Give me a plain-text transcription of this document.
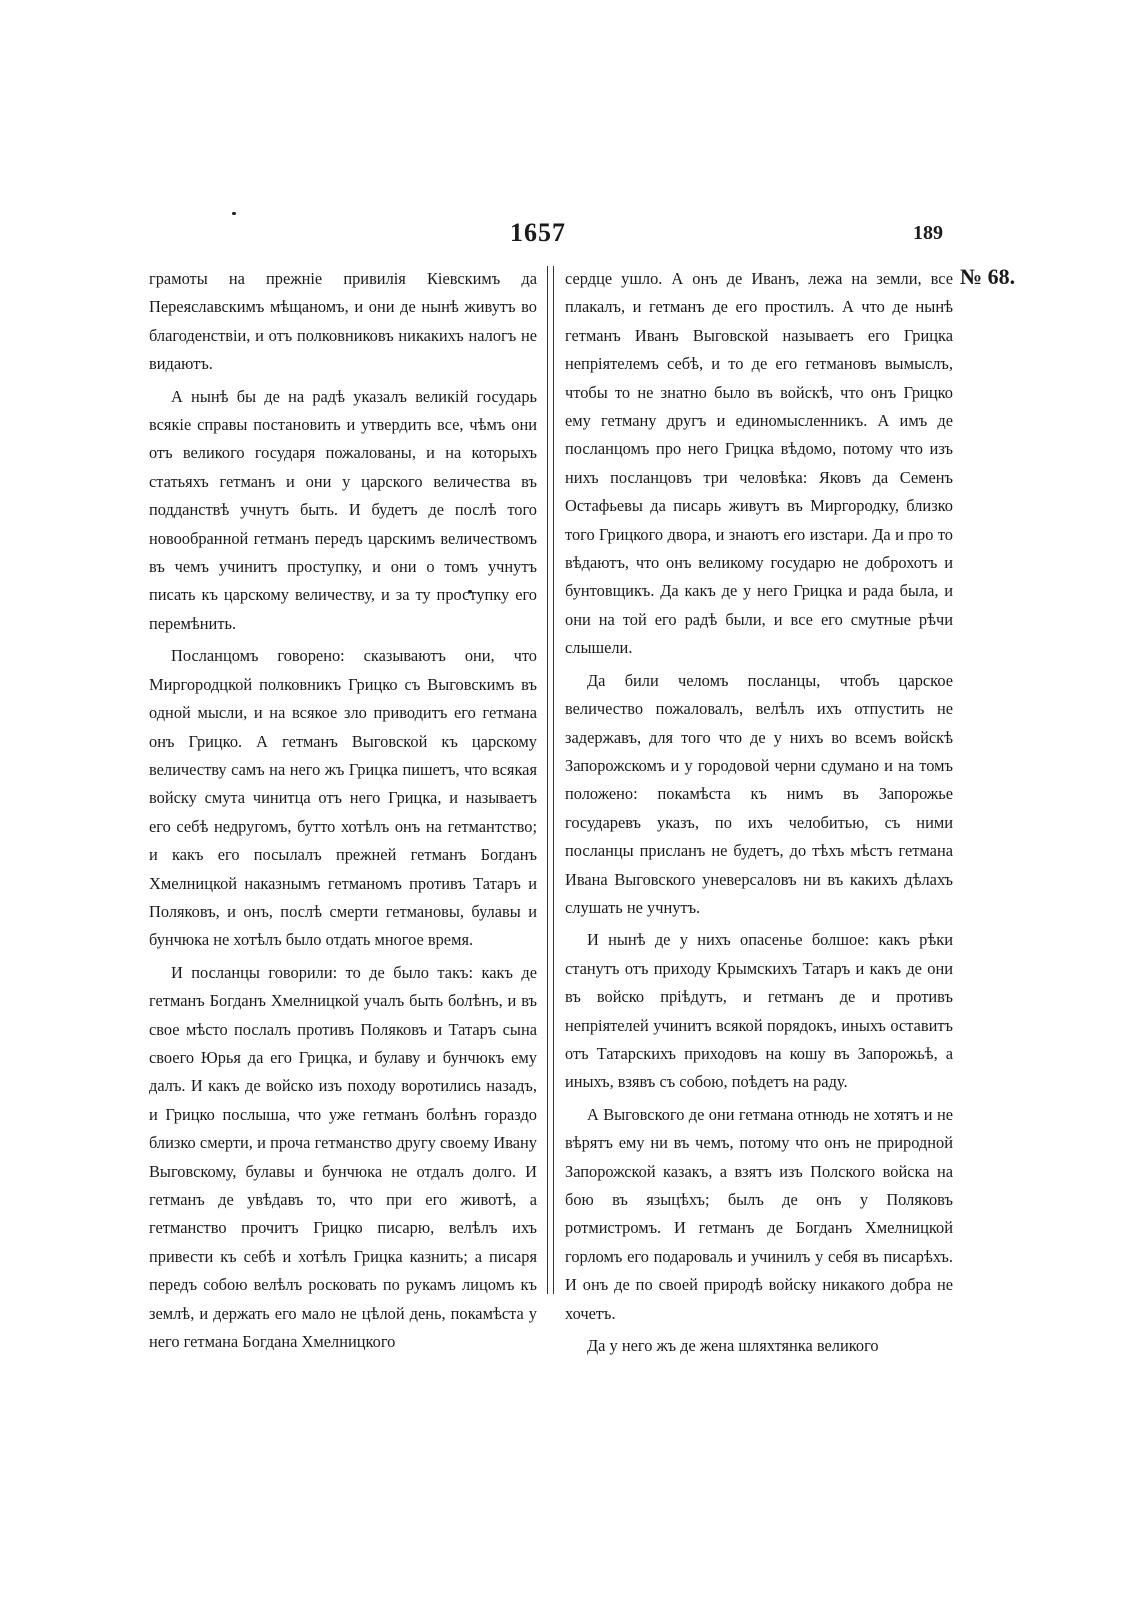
1657	189
№ 68.

грамоты на прежніе привилія Кіевскимъ да Переяславскимъ мѣщаномъ, и они де нынѣ живутъ во благоденствіи, и отъ полковниковъ никакихъ налогъ не видаютъ.

А нынѣ бы де на радѣ указалъ великій государь всякіе справы постановить и утвердить все, чѣмъ они отъ великого государя пожалованы, и на которыхъ статьяхъ гетманъ и они у царского величества въ подданствѣ учнутъ быть. И будетъ де послѣ того новообранной гетманъ передъ царскимъ величествомъ въ чемъ учинитъ проступку, и они о томъ учнутъ писать къ царскому величеству, и за ту проступку его перемѣнить.

Посланцомъ говорено: сказываютъ они, что Миргородцкой полковникъ Грицко съ Выговскимъ въ одной мысли, и на всякое зло приводитъ его гетмана онъ Грицко. А гетманъ Выговской къ царскому величеству самъ на него жъ Грицка пишетъ, что всякая войску смута чинитца отъ него Грицка, и называетъ его себѣ недругомъ, бутто хотѣлъ онъ на гетмантство; и какъ его посылалъ прежней гетманъ Богданъ Хмелницкой наказнымъ гетманомъ противъ Татаръ и Поляковъ, и онъ, послѣ смерти гетмановы, булавы и бунчюка не хотѣлъ было отдать многое время.

И посланцы говорили: то де было такъ: какъ де гетманъ Богданъ Хмелницкой учалъ быть болѣнъ, и въ свое мѣсто послалъ противъ Поляковъ и Татаръ сына своего Юрья да его Грицка, и булаву и бунчюкъ ему далъ. И какъ де войско изъ походу воротились назадъ, и Грицко послыша, что уже гетманъ болѣнъ гораздо близко смерти, и проча гетманство другу своему Ивану Выговскому, булавы и бунчюка не отдалъ долго. И гетманъ де увѣдавъ то, что при его животѣ, а гетманство прочитъ Грицко писарю, велѣлъ ихъ привести къ себѣ и хотѣлъ Грицка казнить; а писаря передъ собою велѣлъ росковать по рукамъ лицомъ къ землѣ, и держать его мало не цѣлой день, покамѣста у него гетмана Богдана Хмелницкого

сердце ушло. А онъ де Иванъ, лежа на земли, все плакалъ, и гетманъ де его простилъ. А что де нынѣ гетманъ Иванъ Выговской называетъ его Грицка непріятелемъ себѣ, и то де его гетмановъ вымыслъ, чтобы то не знатно было въ войскѣ, что онъ Грицко ему гетману другъ и единомысленникъ. А имъ де посланцомъ про него Грицка вѣдомо, потому что изъ нихъ посланцовъ три человѣка: Яковъ да Семенъ Остафьевы да писарь живутъ въ Миргородку, близко того Грицкого двора, и знаютъ его изстари. Да и про то вѣдаютъ, что онъ великому государю не доброхотъ и бунтовщикъ. Да какъ де у него Грицка и рада была, и они на той его радѣ были, и все его смутные рѣчи слышели.

Да били челомъ посланцы, чтобъ царское величество пожаловалъ, велѣлъ ихъ отпустить не задержавъ, для того что де у нихъ во всемъ войскѣ Запорожскомъ и у городовой черни сдумано и на томъ положено: покамѣста къ нимъ въ Запорожье государевъ указъ, по ихъ челобитью, съ ними посланцы присланъ не будетъ, до тѣхъ мѣстъ гетмана Ивана Выговского уневерсаловъ ни въ какихъ дѣлахъ слушать не учнутъ.

И нынѣ де у нихъ опасенье болшое: какъ рѣки станутъ отъ приходу Крымскихъ Татаръ и какъ де они въ войско пріѣдутъ, и гетманъ де и противъ непріятелей учинитъ всякой порядокъ, иныхъ оставитъ отъ Татарскихъ приходовъ на кошу въ Запорожьѣ, а иныхъ, взявъ съ собою, поѣдетъ на раду.

А Выговского де они гетмана отнюдь не хотятъ и не вѣрятъ ему ни въ чемъ, потому что онъ не природной Запорожской казакъ, а взятъ изъ Полского войска на бою въ языцѣхъ; былъ де онъ у Поляковъ ротмистромъ. И гетманъ де Богданъ Хмелницкой горломъ его подароваль и учинилъ у себя въ писарѣхъ. И онъ де по своей природѣ войску никакого добра не хочетъ.

Да у него жъ де жена шляхтянка великого
